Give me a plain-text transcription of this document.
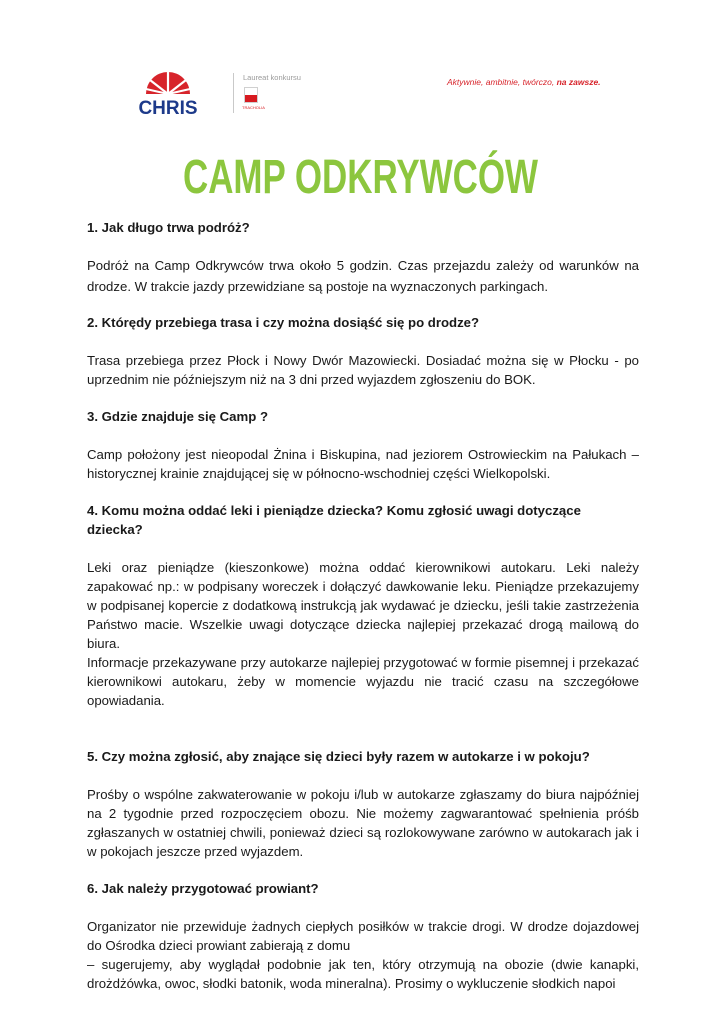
CHRIS
Laureat konkursu
TRACHOLIA
Aktywnie, ambitnie, twórczo, na zawsze.
CAMP ODKRYWCÓW

1. Jak długo trwa podróż?

Podróż na Camp Odkrywców trwa około 5 godzin. Czas przejazdu zależy od warunków na drodze. W trakcie jazdy przewidziane są postoje na wyznaczonych parkingach.

2. Którędy przebiega trasa i czy można dosiąść się po drodze?

Trasa przebiega przez Płock i Nowy Dwór Mazowiecki. Dosiadać można się w Płocku - po uprzednim nie późniejszym niż na 3 dni przed wyjazdem zgłoszeniu do BOK.

3. Gdzie znajduje się Camp ?

Camp położony jest nieopodal Żnina i Biskupina, nad jeziorem Ostrowieckim na Pałukach – historycznej krainie znajdującej się w północno-wschodniej części Wielkopolski.

4. Komu można oddać leki i pieniądze dziecka? Komu zgłosić uwagi dotyczące dziecka?

Leki oraz pieniądze (kieszonkowe) można oddać kierownikowi autokaru. Leki należy zapakować np.: w podpisany woreczek i dołączyć dawkowanie leku. Pieniądze przekazujemy w podpisanej kopercie z dodatkową instrukcją jak wydawać je dziecku, jeśli takie zastrzeżenia Państwo macie. Wszelkie uwagi dotyczące dziecka najlepiej przekazać drogą mailową do biura.

Informacje przekazywane przy autokarze najlepiej przygotować w formie pisemnej i przekazać kierownikowi autokaru, żeby w momencie wyjazdu nie tracić czasu na szczegółowe opowiadania.

5. Czy można zgłosić, aby znające się dzieci były razem w autokarze i w pokoju?

Prośby o wspólne zakwaterowanie w pokoju i/lub w autokarze zgłaszamy do biura najpóźniej na 2 tygodnie przed rozpoczęciem obozu. Nie możemy zagwarantować spełnienia próśb zgłaszanych w ostatniej chwili, ponieważ dzieci są rozlokowywane zarówno w autokarach jak i w pokojach jeszcze przed wyjazdem.

6. Jak należy przygotować prowiant?

Organizator nie przewiduje żadnych ciepłych posiłków w trakcie drogi. W drodze dojazdowej do Ośrodka dzieci prowiant zabierają z domu

– sugerujemy, aby wyglądał podobnie jak ten, który otrzymują na obozie (dwie kanapki, drożdżówka, owoc, słodki batonik, woda mineralna). Prosimy o wykluczenie słodkich napoi
